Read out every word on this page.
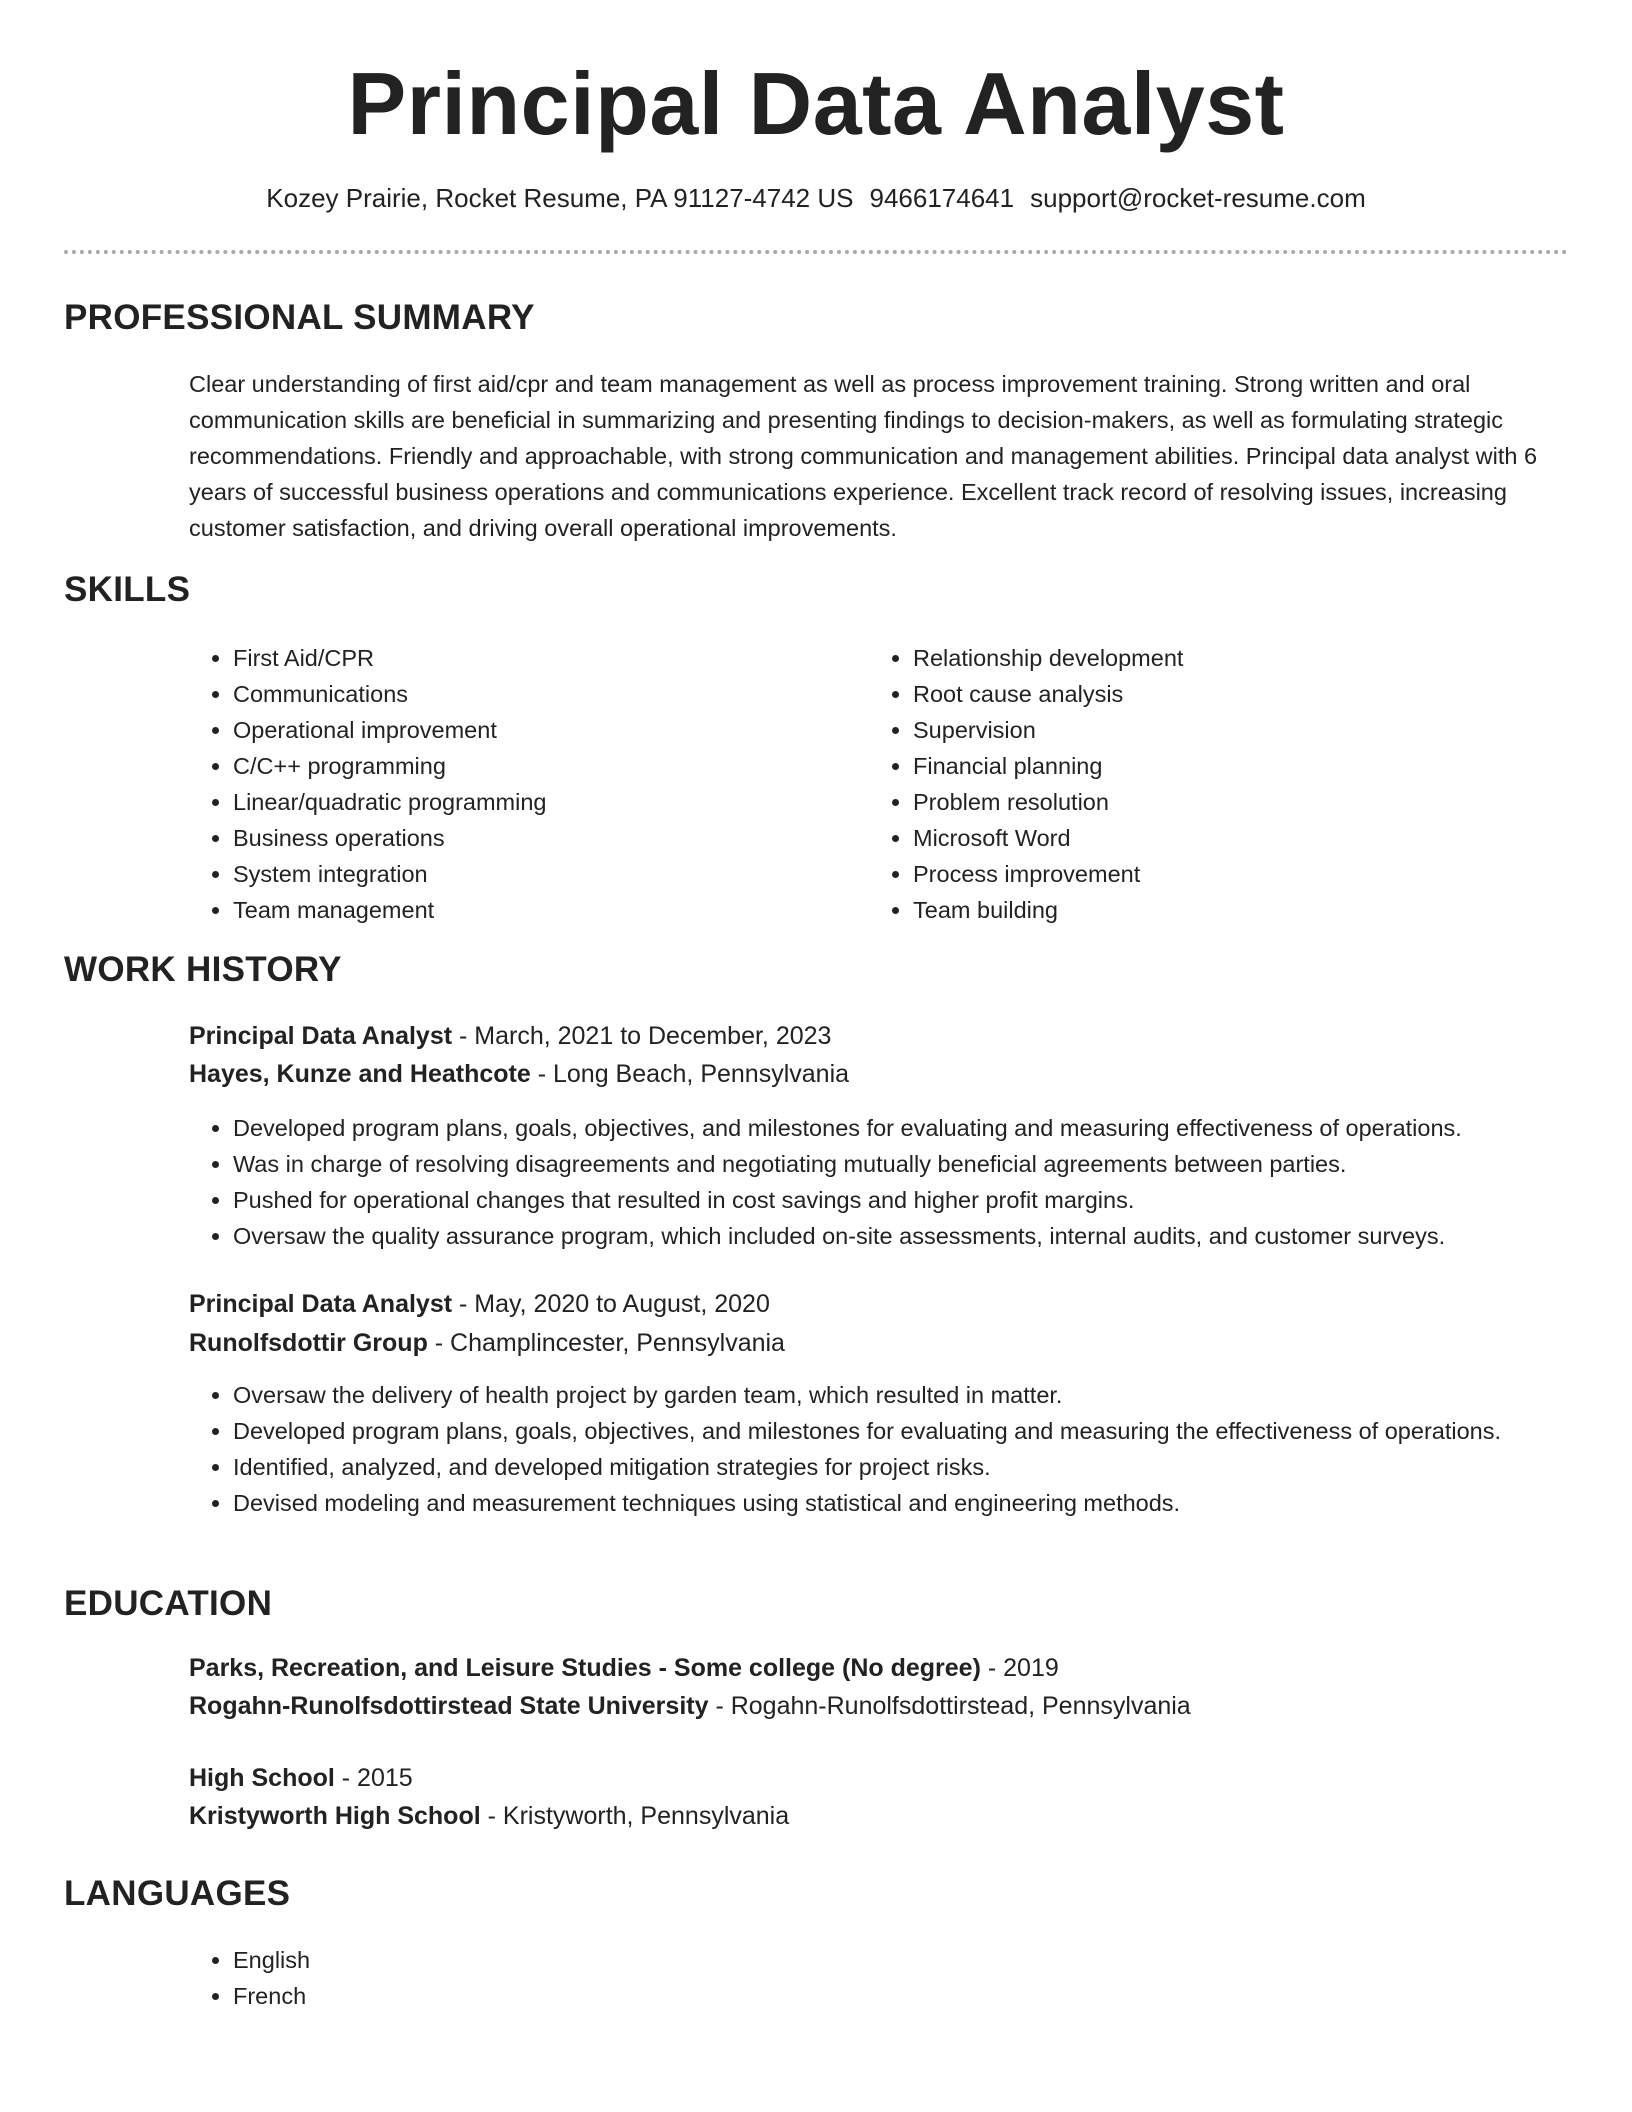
Principal Data Analyst
Kozey Prairie, Rocket Resume, PA 91127-4742 US 9466174641 support@rocket-resume.com
PROFESSIONAL SUMMARY
Clear understanding of first aid/cpr and team management as well as process improvement training. Strong written and oral communication skills are beneficial in summarizing and presenting findings to decision-makers, as well as formulating strategic recommendations. Friendly and approachable, with strong communication and management abilities. Principal data analyst with 6 years of successful business operations and communications experience. Excellent track record of resolving issues, increasing customer satisfaction, and driving overall operational improvements.
SKILLS
• First Aid/CPR
• Communications
• Operational improvement
• C/C++ programming
• Linear/quadratic programming
• Business operations
• System integration
• Team management
• Relationship development
• Root cause analysis
• Supervision
• Financial planning
• Problem resolution
• Microsoft Word
• Process improvement
• Team building
WORK HISTORY
Principal Data Analyst - March, 2021 to December, 2023
Hayes, Kunze and Heathcote - Long Beach, Pennsylvania
• Developed program plans, goals, objectives, and milestones for evaluating and measuring effectiveness of operations.
• Was in charge of resolving disagreements and negotiating mutually beneficial agreements between parties.
• Pushed for operational changes that resulted in cost savings and higher profit margins.
• Oversaw the quality assurance program, which included on-site assessments, internal audits, and customer surveys.
Principal Data Analyst - May, 2020 to August, 2020
Runolfsdottir Group - Champlincester, Pennsylvania
• Oversaw the delivery of health project by garden team, which resulted in matter.
• Developed program plans, goals, objectives, and milestones for evaluating and measuring the effectiveness of operations.
• Identified, analyzed, and developed mitigation strategies for project risks.
• Devised modeling and measurement techniques using statistical and engineering methods.
EDUCATION
Parks, Recreation, and Leisure Studies - Some college (No degree) - 2019
Rogahn-Runolfsdottirstead State University - Rogahn-Runolfsdottirstead, Pennsylvania
High School - 2015
Kristyworth High School - Kristyworth, Pennsylvania
LANGUAGES
• English
• French
